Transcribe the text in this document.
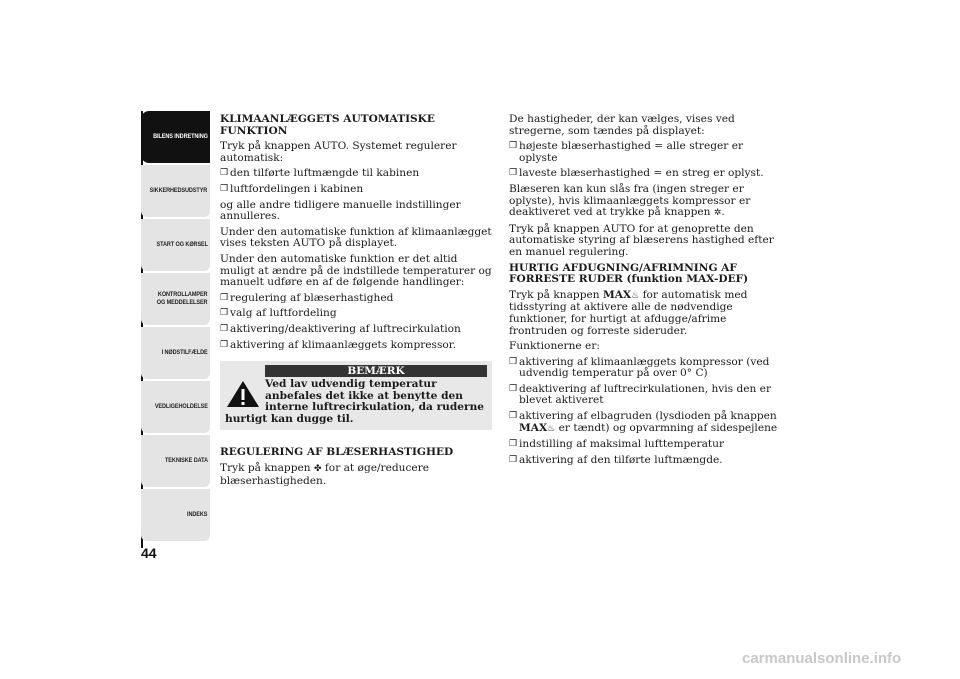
BILENS INDRETNING
SIKKERHEDSUDSTYR
START OG KØRSEL
KONTROLLAMPER OG MEDDELELSER
I NØDSTILFÆLDE
VEDLIGEHOLDELSE
TEKNISKE DATA
INDEKS
44
KLIMAANLÆGGETS AUTOMATISKE FUNKTION

Tryk på knappen AUTO. Systemet regulerer automatisk:

❒ den tilførte luftmængde til kabinen
❒ luftfordelingen i kabinen

og alle andre tidligere manuelle indstillinger annulleres.

Under den automatiske funktion af klimaanlægget vises teksten AUTO på displayet.

Under den automatiske funktion er det altid muligt at ændre på de indstillede temperaturer og manuelt udføre en af de følgende handlinger:

❒ regulering af blæserhastighed
❒ valg af luftfordeling
❒ aktivering/deaktivering af luftrecirkulation
❒ aktivering af klimaanlæggets kompressor.
BEMÆRK
Ved lav udvendig temperatur
anbefales det ikke at benytte den
interne luftrecirkulation, da ruderne hurtigt kan dugge til.
REGULERING AF BLÆSERHASTIGHED

Tryk på knappen ✤ for at øge/reducere blæserhastigheden.

De hastigheder, der kan vælges, vises ved stregerne, som tændes på displayet:

❒ højeste blæserhastighed = alle streger er oplyste
❒ laveste blæserhastighed = en streg er oplyst.

Blæseren kan kun slås fra (ingen streger er oplyste), hvis klimaanlæggets kompressor er deaktiveret ved at trykke på knappen ✲.

Tryk på knappen AUTO for at genoprette den automatiske styring af blæserens hastighed efter en manuel regulering.

HURTIG AFDUGNING/AFRIMNING AF FORRESTE RUDER (funktion MAX-DEF)

Tryk på knappen MAX♨ for automatisk med tidsstyring at aktivere alle de nødvendige funktioner, for hurtigt at afdugge/afrime frontruden og forreste sideruder.

Funktionerne er:

❒ aktivering af klimaanlæggets kompressor (ved udvendig temperatur på over 0° C)
❒ deaktivering af luftrecirkulationen, hvis den er blevet aktiveret
❒ aktivering af elbagruden (lysdioden på knappen MAX♨ er tændt) og opvarmning af sidespejlene
❒ indstilling af maksimal lufttemperatur
❒ aktivering af den tilførte luftmængde.
carmanualsonline.info
